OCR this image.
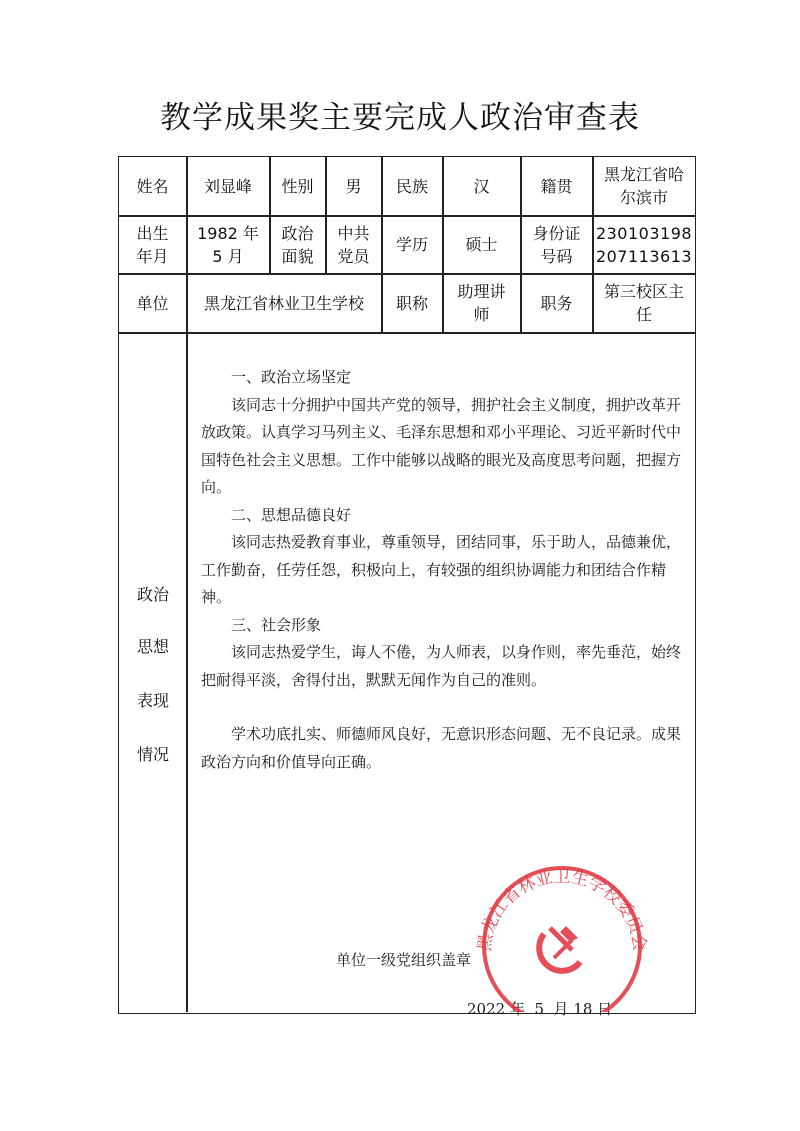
教学成果奖主要完成人政治审查表
姓名 刘显峰 性别 男 民族	汉	籍贯
黑龙江省哈
尔滨市
出生
年月
1982 年
5 月
政治
面貌
中共
党员
学历 硕士
身份证
号码
230103198
207113613
单位 黑龙江省林业卫生学校 职称
助理讲
师
职务
第三校区主
任
政治
思想
表现
情况

一、政治立场坚定

该同志十分拥护中国共产党的领导，拥护社会主义制度，拥护改革开放政策。认真学习马列主义、毛泽东思想和邓小平理论、习近平新时代中国特色社会主义思想。工作中能够以战略的眼光及高度思考问题，把握方向。

二、思想品德良好

该同志热爱教育事业，尊重领导，团结同事，乐于助人，品德兼优，工作勤奋，任劳任怨，积极向上，有较强的组织协调能力和团结合作精神。

三、社会形象

该同志热爱学生，诲人不倦，为人师表，以身作则，率先垂范，始终把耐得平淡，舍得付出，默默无闻作为自己的准则。

学术功底扎实、师德师风良好，无意识形态问题、无不良记录。成果政治方向和价值导向正确。

单位一级党组织盖章
2022 年  5  月 18 日
黑龙江省林业卫生学校委员会
